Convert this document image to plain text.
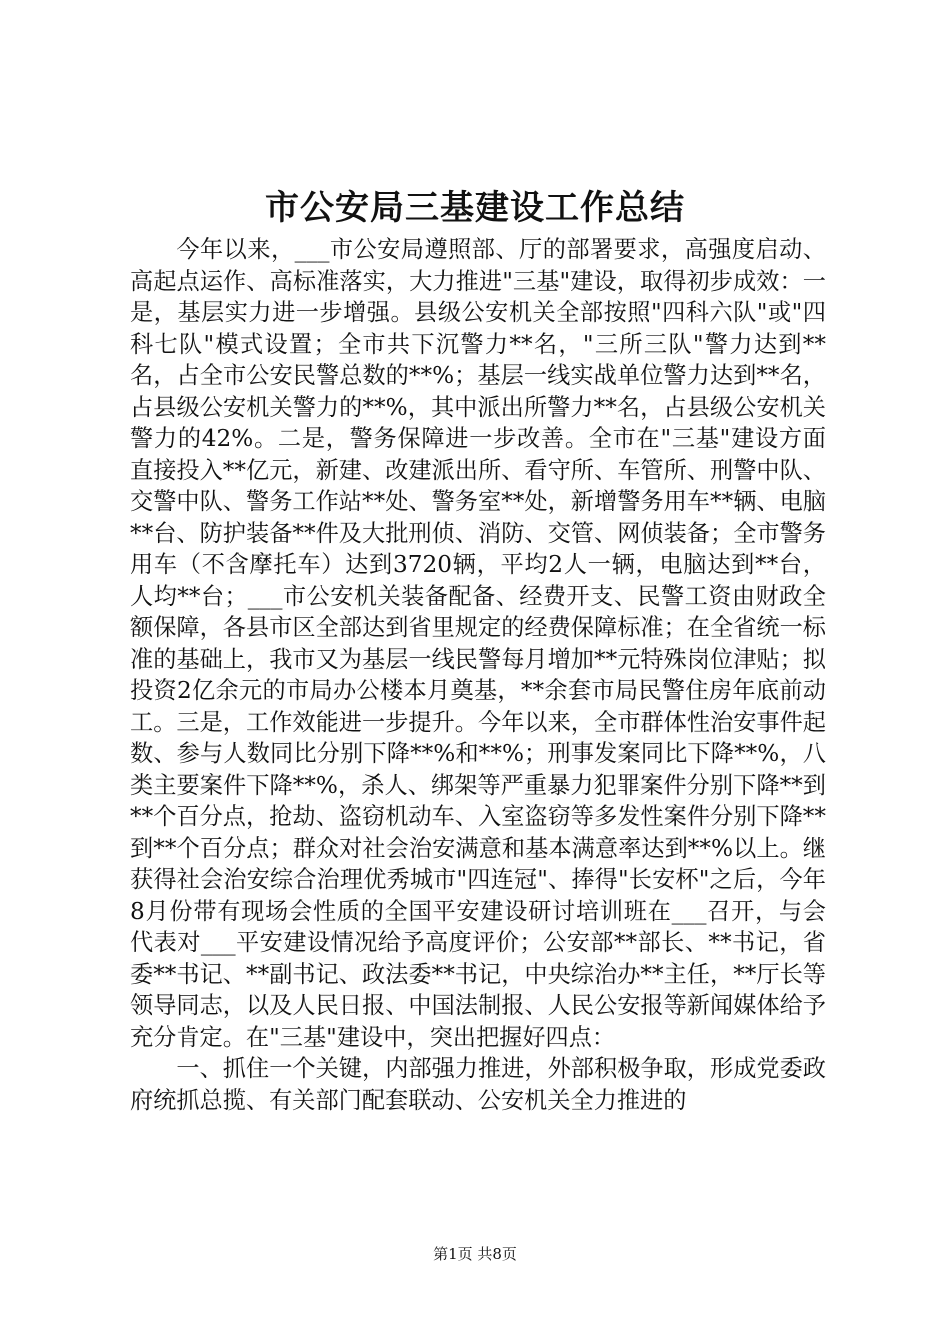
市公安局三基建设工作总结

今年以来，___市公安局遵照部、厅的部署要求，高强度启动、高起点运作、高标准落实，大力推进"三基"建设，取得初步成效：一是，基层实力进一步增强。县级公安机关全部按照"四科六队"或"四科七队"模式设置；全市共下沉警力**名，"三所三队"警力达到**名，占全市公安民警总数的**%；基层一线实战单位警力达到**名，占县级公安机关警力的**%，其中派出所警力**名，占县级公安机关警力的42%。二是，警务保障进一步改善。全市在"三基"建设方面直接投入**亿元，新建、改建派出所、看守所、车管所、刑警中队、交警中队、警务工作站**处、警务室**处，新增警务用车**辆、电脑**台、防护装备**件及大批刑侦、消防、交管、网侦装备；全市警务用车（不含摩托车）达到3720辆，平均2人一辆，电脑达到**台，人均**台；___市公安机关装备配备、经费开支、民警工资由财政全额保障，各县市区全部达到省里规定的经费保障标准；在全省统一标准的基础上，我市又为基层一线民警每月增加**元特殊岗位津贴；拟投资2亿余元的市局办公楼本月奠基，**余套市局民警住房年底前动工。三是，工作效能进一步提升。今年以来，全市群体性治安事件起数、参与人数同比分别下降**%和**%；刑事发案同比下降**%，八类主要案件下降**%，杀人、绑架等严重暴力犯罪案件分别下降**到**个百分点，抢劫、盗窃机动车、入室盗窃等多发性案件分别下降**到**个百分点；群众对社会治安满意和基本满意率达到**%以上。继获得社会治安综合治理优秀城市"四连冠"、捧得"长安杯"之后，今年8月份带有现场会性质的全国平安建设研讨培训班在___召开，与会代表对___平安建设情况给予高度评价；公安部**部长、**书记，省委**书记、**副书记、政法委**书记，中央综治办**主任，**厅长等领导同志，以及人民日报、中国法制报、人民公安报等新闻媒体给予充分肯定。在"三基"建设中，突出把握好四点：

一、抓住一个关键，内部强力推进，外部积极争取，形成党委政府统抓总揽、有关部门配套联动、公安机关全力推进的

第1页 共8页
